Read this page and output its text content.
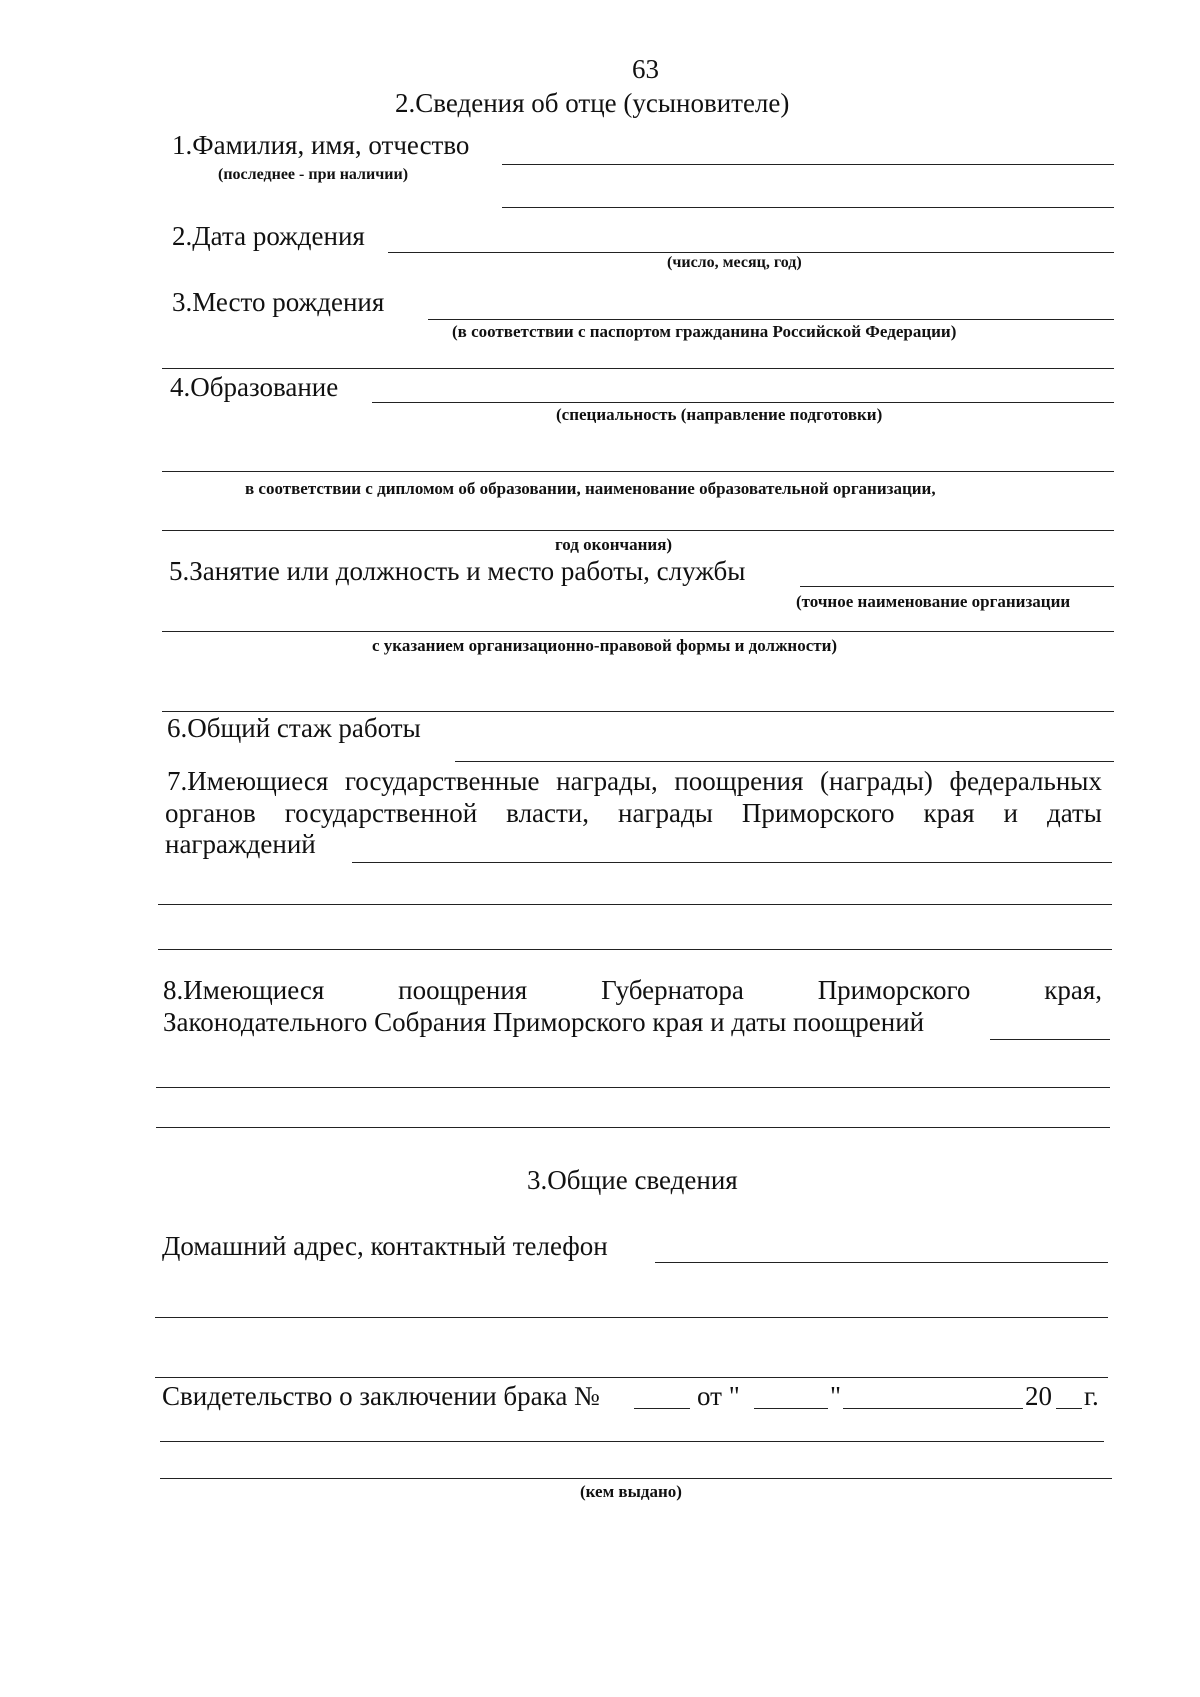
63
2.Сведения об отце (усыновителе)
1.Фамилия, имя, отчество
(последнее - при наличии)
2.Дата рождения
(число, месяц, год)
3.Место рождения
(в соответствии с паспортом гражданина Российской Федерации)
4.Образование
(специальность (направление подготовки)
в соответствии с дипломом об образовании, наименование образовательной организации,
год окончания)
5.Занятие или должность и место работы, службы
(точное наименование организации
с указанием организационно-правовой формы и должности)
6.Общий стаж работы
7.Имеющиеся государственные награды, поощрения (награды) федеральных
органов государственной власти, награды Приморского края и даты
награждений
8.Имеющиеся	поощрения	Губернатора	Приморского	края,
Законодательного Собрания Приморского края и даты поощрений
3.Общие сведения
Домашний адрес, контактный телефон
Свидетельство о заключении брака №	от "	"	20 г.
(кем выдано)
